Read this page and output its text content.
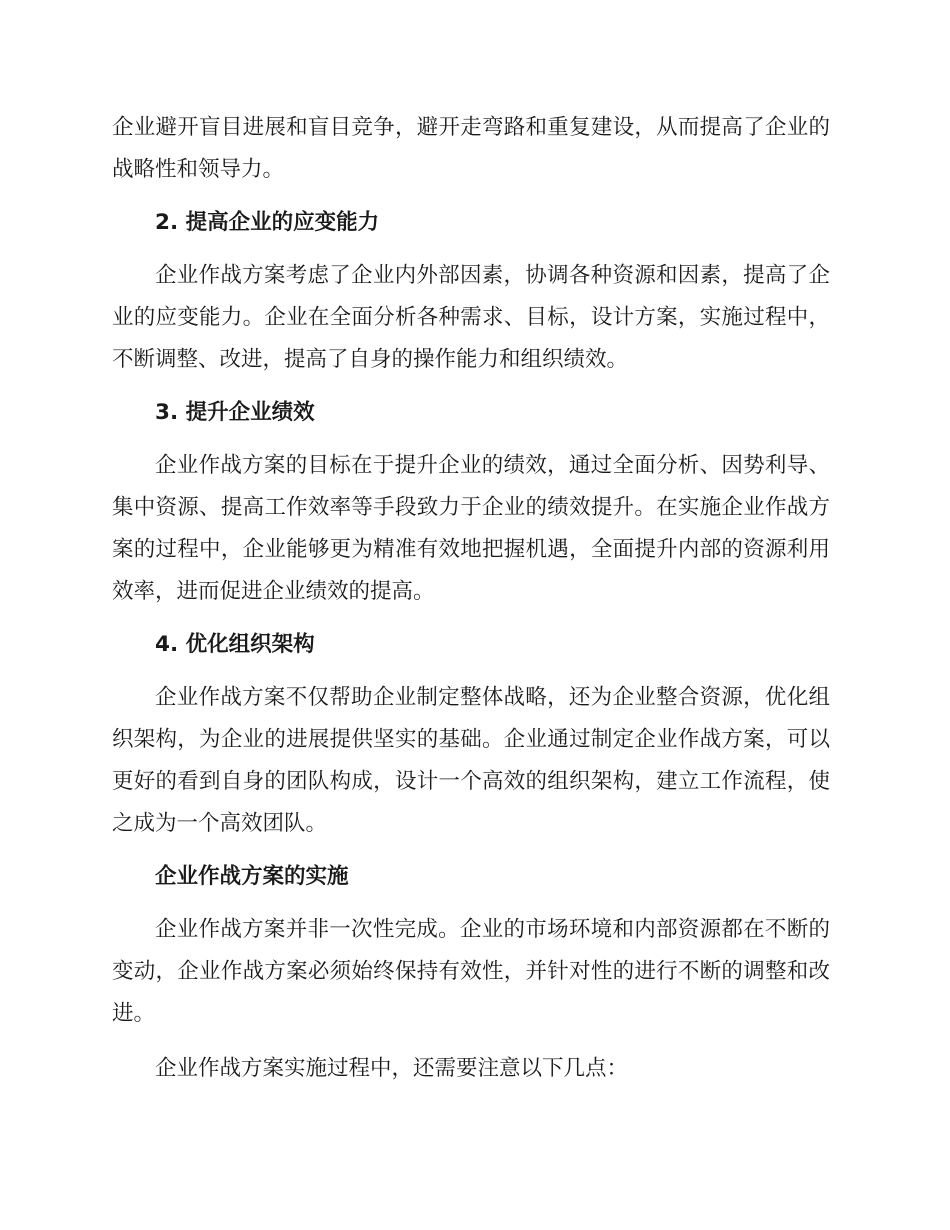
企业避开盲目进展和盲目竞争，避开走弯路和重复建设，从而提高了企业的战略性和领导力。

2. 提高企业的应变能力

企业作战方案考虑了企业内外部因素，协调各种资源和因素，提高了企业的应变能力。企业在全面分析各种需求、目标，设计方案，实施过程中，不断调整、改进，提高了自身的操作能力和组织绩效。

3. 提升企业绩效

企业作战方案的目标在于提升企业的绩效，通过全面分析、因势利导、集中资源、提高工作效率等手段致力于企业的绩效提升。在实施企业作战方案的过程中，企业能够更为精准有效地把握机遇，全面提升内部的资源利用效率，进而促进企业绩效的提高。

4. 优化组织架构

企业作战方案不仅帮助企业制定整体战略，还为企业整合资源，优化组织架构，为企业的进展提供坚实的基础。企业通过制定企业作战方案，可以更好的看到自身的团队构成，设计一个高效的组织架构，建立工作流程，使之成为一个高效团队。

企业作战方案的实施

企业作战方案并非一次性完成。企业的市场环境和内部资源都在不断的变动，企业作战方案必须始终保持有效性，并针对性的进行不断的调整和改进。

企业作战方案实施过程中，还需要注意以下几点：
